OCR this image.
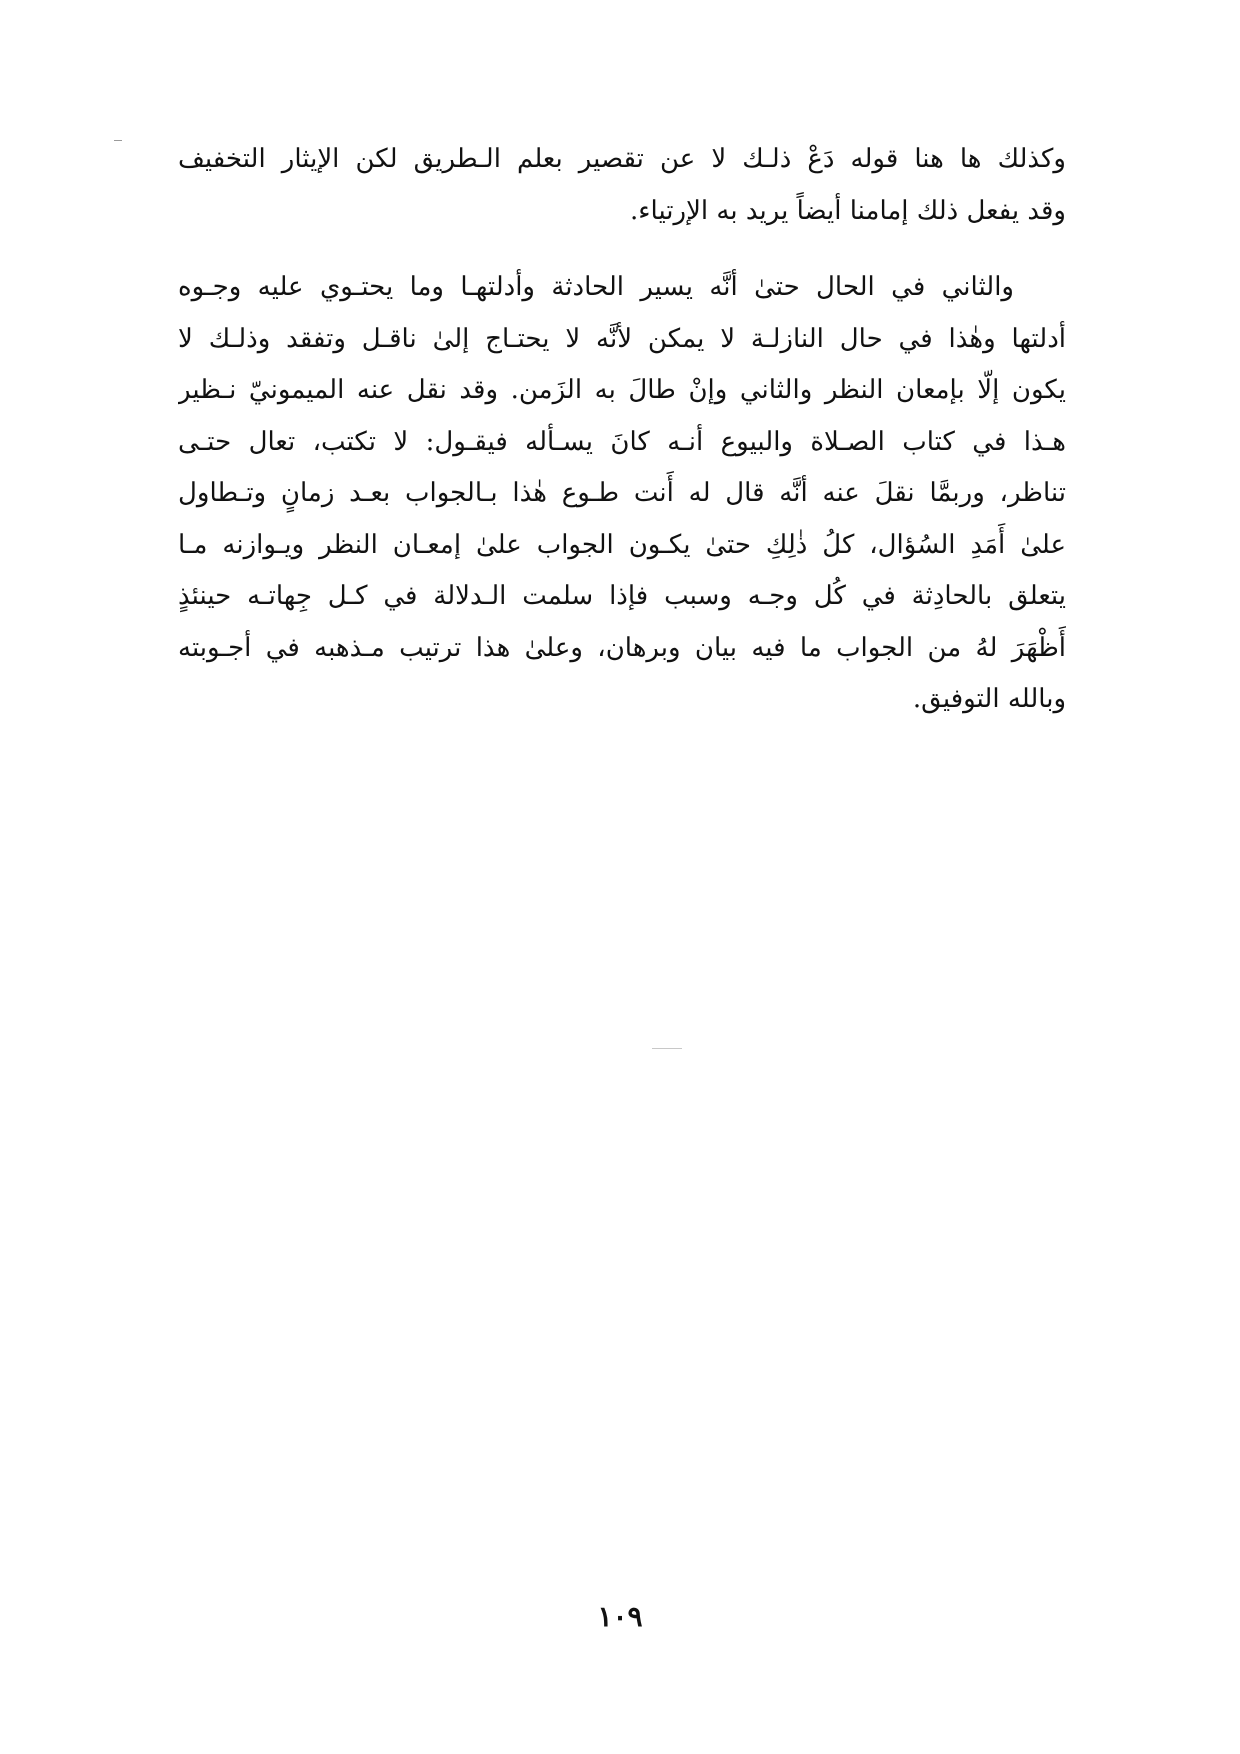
وكذلك ها هنا قوله دَعْ ذلـك لا عن تقصير بعلم الـطريق لكن الإيثار التخفيف
وقد يفعل ذلك إمامنا أيضاً يريد به الإرتياء.
والثاني في الحال حتىٰ أنَّه يسير الحادثة وأدلتهـا وما يحتـوي عليه وجـوه
أدلتها وهٰذا في حال النازلـة لا يمكن لأنَّه لا يحتـاج إلىٰ ناقـل وتفقد وذلـك لا
يكون إلّا بإمعان النظر والثاني وإنْ طالَ به الزَمن. وقد نقل عنه الميمونيّ نـظير
هـذا في كتاب الصـلاة والبيوع أنـه كانَ يسـأله فيقـول: لا تكتب، تعال حتـى
تناظر، وربمَّا نقلَ عنه أنَّه قال له أَنت طـوع هٰذا بـالجواب بعـد زمانٍ وتـطاول
علىٰ أَمَدِ السُؤال، كلُ ذٰلِكِ حتىٰ يكـون الجواب علىٰ إمعـان النظر ويـوازنه مـا
يتعلق بالحادِثة في كُل وجـه وسبب فإذا سلمت الـدلالة في كـل جِهاتـه حينئذٍ
أَظْهَرَ لهُ من الجواب ما فيه بيان وبرهان، وعلىٰ هذا ترتيب مـذهبه في أجـوبته
وبالله التوفيق.
١٠٩
